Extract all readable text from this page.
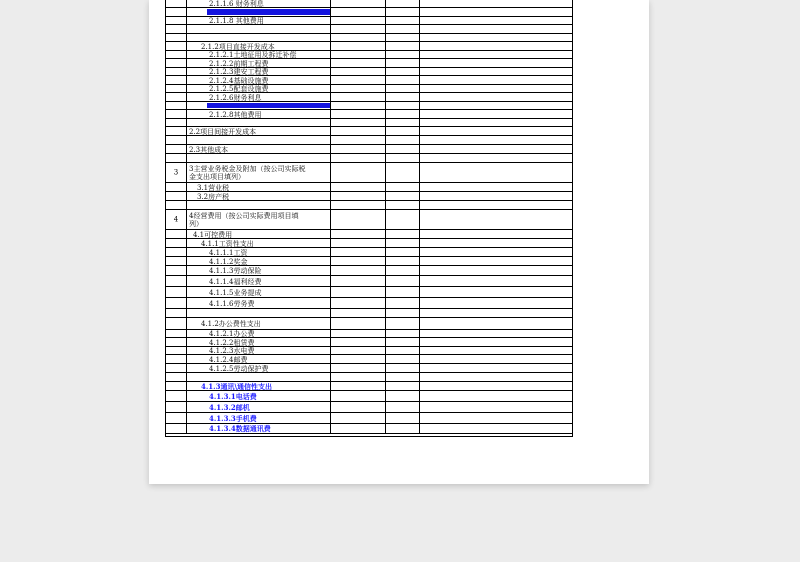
2.1.1.6 财务利息
2.1.1.8 其他费用
2.1.2项目直接开发成本
2.1.2.1土地征用及拆迁补偿
2.1.2.2前期工程费
2.1.2.3建安工程费
2.1.2.4基础设施费
2.1.2.5配套设施费
2.1.2.6财务利息
2.1.2.8其他费用
2.2项目间接开发成本
2.3其他成本
3	3主营业务税金及附加（按公司实际税
金支出项目填列）
3.1营业税
3.2房产税
4	4经营费用（按公司实际费用项目填
列）
4.1可控费用
4.1.1工资性支出
4.1.1.1工资
4.1.1.2奖金
4.1.1.3劳动保险
4.1.1.4福利经费
4.1.1.5业务提成
4.1.1.6劳务费
4.1.2办公费性支出
4.1.2.1办公费
4.1.2.2租赁费
4.1.2.3水电费
4.1.2.4邮费
4.1.2.5劳动保护费
4.1.3通讯\通信性支出
4.1.3.1电话费
4.1.3.2邮机
4.1.3.3手机费
4.1.3.4数据通讯费
